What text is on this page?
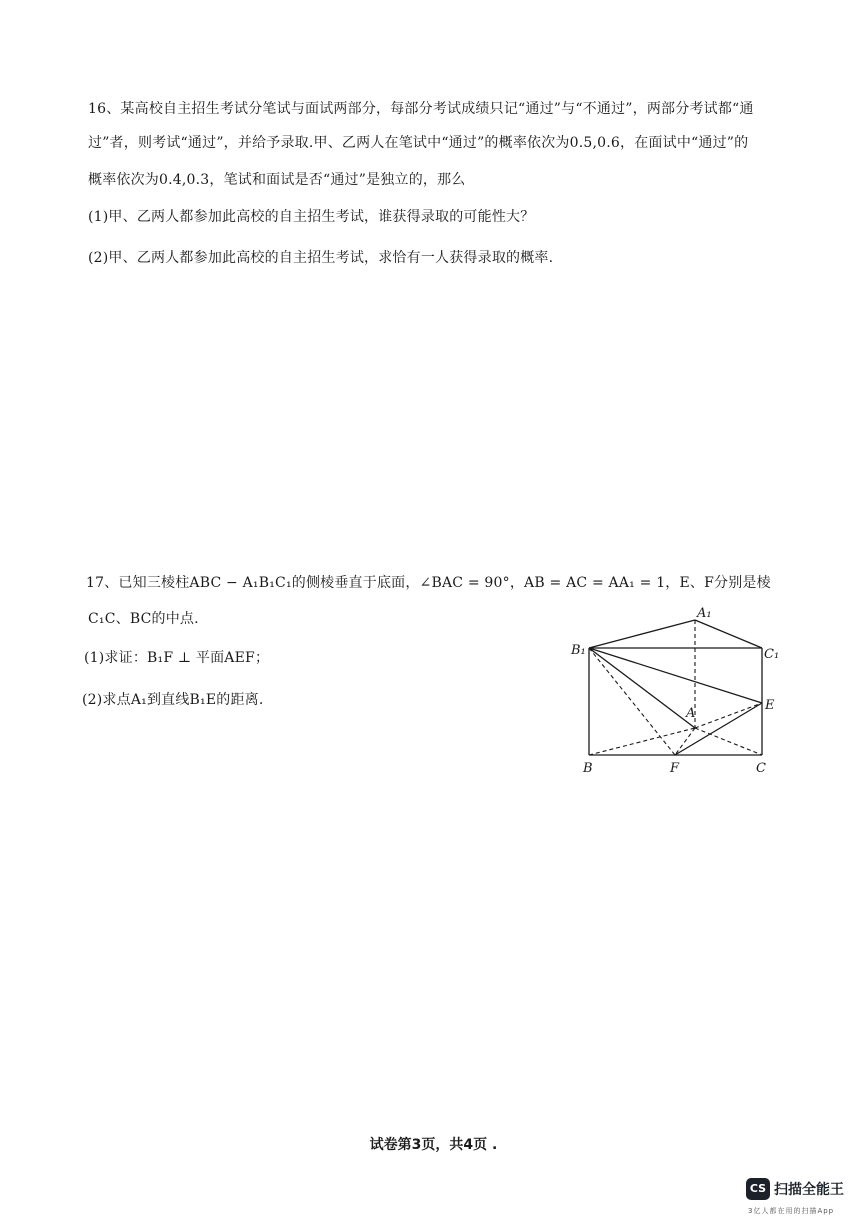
16、某高校自主招生考试分笔试与面试两部分，每部分考试成绩只记“通过”与“不通过”，两部分考试都“通
过”者，则考试“通过”，并给予录取.甲、乙两人在笔试中“通过”的概率依次为0.5,0.6，在面试中“通过”的
概率依次为0.4,0.3，笔试和面试是否“通过”是独立的，那么
(1)甲、乙两人都参加此高校的自主招生考试，谁获得录取的可能性大？
(2)甲、乙两人都参加此高校的自主招生考试，求恰有一人获得录取的概率.
17、已知三棱柱ABC − A₁B₁C₁的侧棱垂直于底面，∠BAC = 90°，AB = AC = AA₁ = 1，E、F分别是棱
C₁C、BC的中点.
(1)求证：B₁F ⊥ 平面AEF；
(2)求点A₁到直线B₁E的距离.
A₁
B₁	C₁
A
E
B	F	C
试卷第3页，共4页 .
CS 扫描全能王
3亿人都在用的扫描App
